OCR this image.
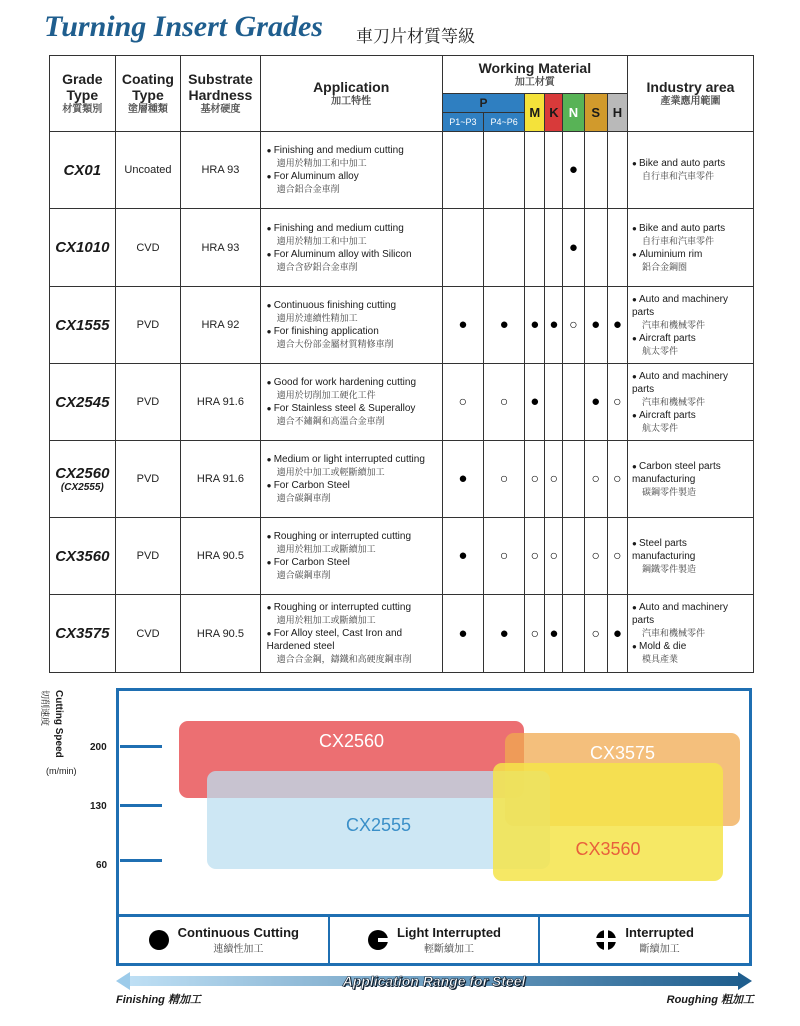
Turning Insert Grades 車刀片材質等級
Grade Type
材質類別	Coating Type
塗層種類	Substrate Hardness
基材硬度	Application
加工特性	Working Material
加工材質							Industry area
產業應用範圍

				P		M	K	N	S	H	
				P1~P3	P4~P6						
CX01	Uncoated	HRA 93	● Finishing and medium cutting
適用於精加工和中加工
● For Aluminum alloy
適合鋁合金車削					●			● Bike and auto parts
自行車和汽車零件

CX1010	CVD	HRA 93	● Finishing and medium cutting
適用於精加工和中加工
● For Aluminum alloy with Silicon
適合含矽鋁合金車削					●			● Bike and auto parts
自行車和汽車零件
● Aluminium rim
鋁合金鋼圈

CX1555	PVD	HRA 92	● Continuous finishing cutting
適用於連續性精加工
● For finishing application
適合大份部金屬材質精修車削	●	●	●	●	○	●	●	● Auto and machinery parts
汽車和機械零件
● Aircraft parts
航太零件

CX2545	PVD	HRA 91.6	● Good for work hardening cutting
適用於切削加工硬化工件
● For Stainless steel & Superalloy
適合不鏽鋼和高溫合金車削	○	○	●			●	○	● Auto and machinery parts
汽車和機械零件
● Aircraft parts
航太零件

CX2560
(CX2555)	PVD	HRA 91.6	● Medium or light interrupted cutting
適用於中加工或輕斷續加工
● For Carbon Steel
適合碳鋼車削	●	○	○	○		○	○	● Carbon steel parts manufacturing
碳鋼零件製造

CX3560	PVD	HRA 90.5	● Roughing or interrupted cutting
適用於粗加工或斷續加工
● For Carbon Steel
適合碳鋼車削	●	○	○	○		○	○	● Steel parts manufacturing
鋼鐵零件製造

CX3575	CVD	HRA 90.5	● Roughing or interrupted cutting
適用於粗加工或斷續加工
● For Alloy steel, Cast Iron and Hardened steel
適合合金鋼，鑄鐵和高硬度鋼車削	●	●	○	●		○	●	● Auto and machinery parts
汽車和機械零件
● Mold & die
模具產業
Cutting Speed
切削速度
(m/min)
200
130
60
CX2560
CX3575
CX2555
CX3560
Continuous Cutting
連續性加工
Light Interrupted
輕斷續加工
Interrupted
斷續加工
Application Range for Steel
Finishing 精加工	Roughing 粗加工
